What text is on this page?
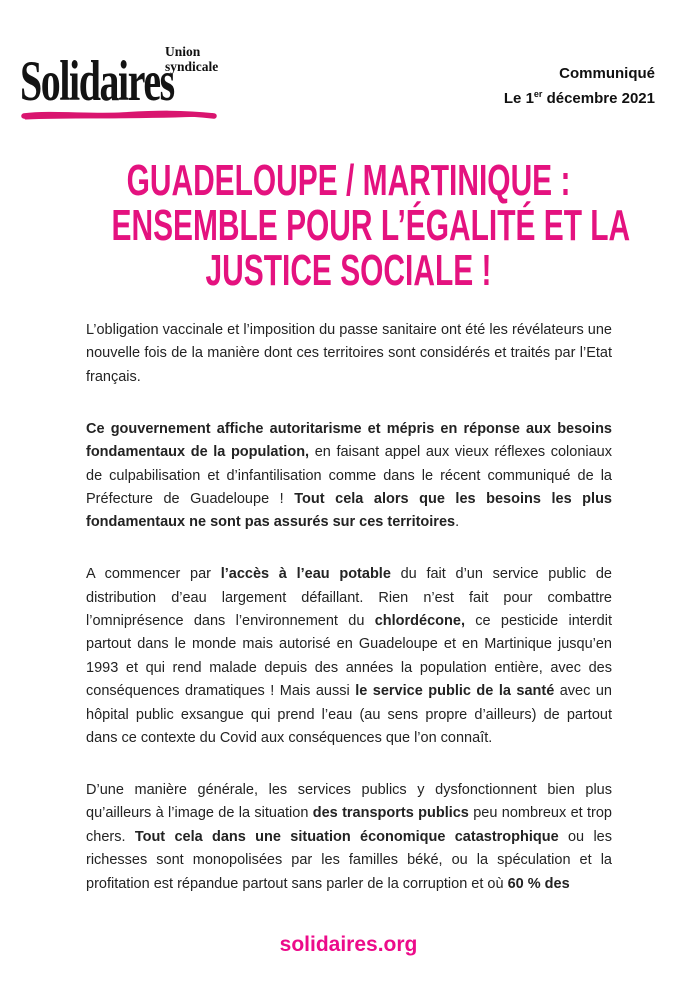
Union
syndicale
Solidaires	Communiqué
Le 1er décembre 2021
GUADELOUPE / MARTINIQUE :
ENSEMBLE POUR L’ÉGALITÉ ET LA
JUSTICE SOCIALE !

L’obligation vaccinale et l’imposition du passe sanitaire ont été les révélateurs une nouvelle fois de la manière dont ces territoires sont considérés et traités par l’Etat français.

Ce gouvernement affiche autoritarisme et mépris en réponse aux besoins fondamentaux de la population, en faisant appel aux vieux réflexes coloniaux de culpabilisation et d’infantilisation comme dans le récent communiqué de la Préfecture de Guadeloupe ! Tout cela alors que les besoins les plus fondamentaux ne sont pas assurés sur ces territoires.

A commencer par l’accès à l’eau potable du fait d’un service public de distribution d’eau largement défaillant. Rien n’est fait pour combattre l’omniprésence dans l’environnement du chlordécone, ce pesticide interdit partout dans le monde mais autorisé en Guadeloupe et en Martinique jusqu’en 1993 et qui rend malade depuis des années la population entière, avec des conséquences dramatiques ! Mais aussi le service public de la santé avec un hôpital public exsangue qui prend l’eau (au sens propre d’ailleurs) de partout dans ce contexte du Covid aux conséquences que l’on connaît.

D’une manière générale, les services publics y dysfonctionnent bien plus qu’ailleurs à l’image de la situation des transports publics peu nombreux et trop chers. Tout cela dans une situation économique catastrophique ou les richesses sont monopolisées par les familles béké, ou la spéculation et la profitation est répandue partout sans parler de la corruption et où 60 % des

solidaires.org
